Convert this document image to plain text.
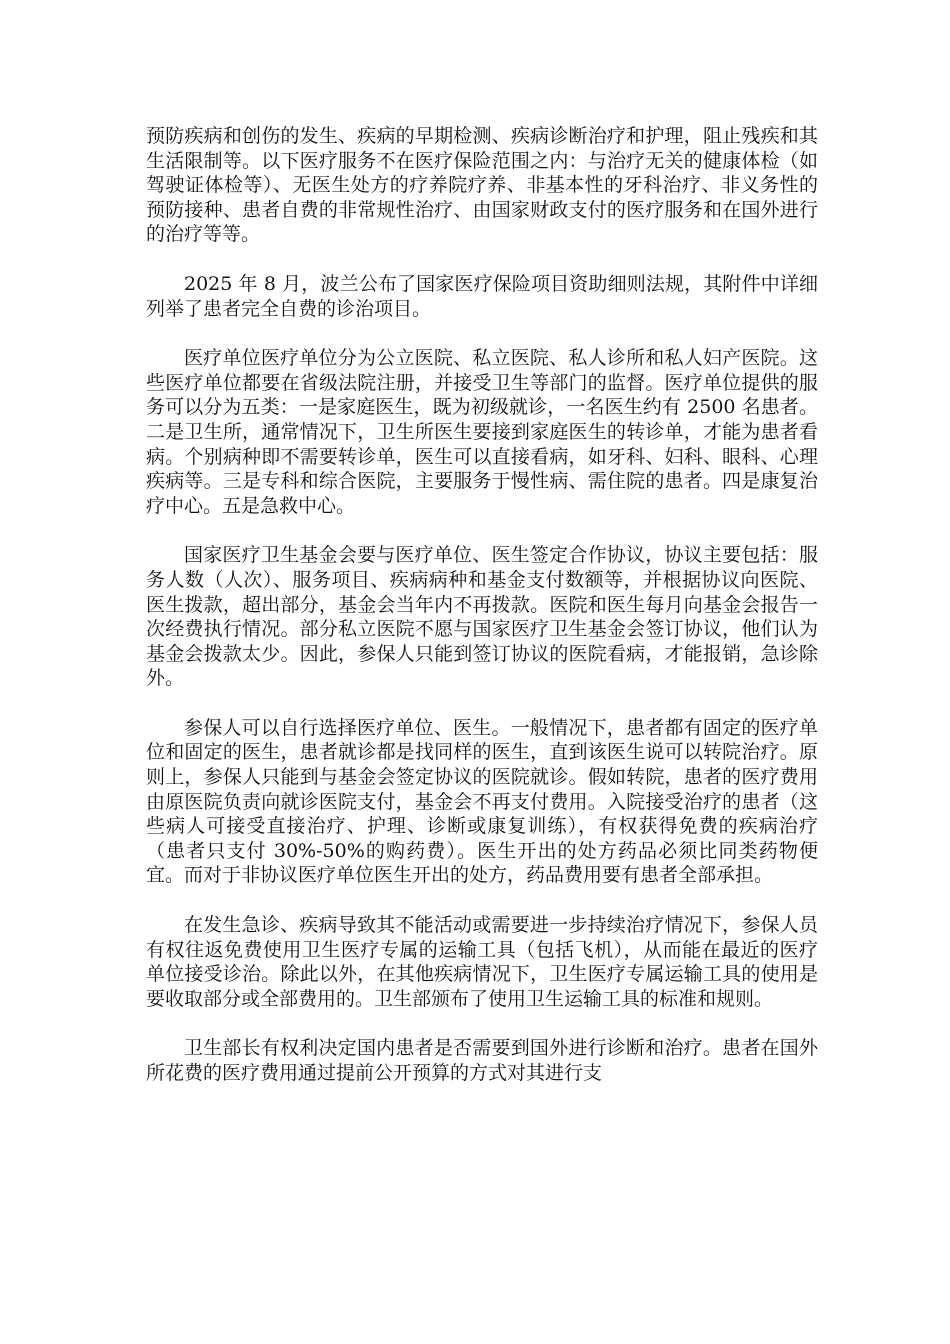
预防疾病和创伤的发生、疾病的早期检测、疾病诊断治疗和护理，阻止残疾和其生活限制等。以下医疗服务不在医疗保险范围之内：与治疗无关的健康体检（如驾驶证体检等）、无医生处方的疗养院疗养、非基本性的牙科治疗、非义务性的预防接种、患者自费的非常规性治疗、由国家财政支付的医疗服务和在国外进行的治疗等等。

2025 年 8 月，波兰公布了国家医疗保险项目资助细则法规，其附件中详细列举了患者完全自费的诊治项目。

医疗单位医疗单位分为公立医院、私立医院、私人诊所和私人妇产医院。这些医疗单位都要在省级法院注册，并接受卫生等部门的监督。医疗单位提供的服务可以分为五类：一是家庭医生，既为初级就诊，一名医生约有 2500 名患者。二是卫生所，通常情况下，卫生所医生要接到家庭医生的转诊单，才能为患者看病。个别病种即不需要转诊单，医生可以直接看病，如牙科、妇科、眼科、心理疾病等。三是专科和综合医院，主要服务于慢性病、需住院的患者。四是康复治疗中心。五是急救中心。

国家医疗卫生基金会要与医疗单位、医生签定合作协议，协议主要包括：服务人数（人次）、服务项目、疾病病种和基金支付数额等，并根据协议向医院、医生拨款，超出部分，基金会当年内不再拨款。医院和医生每月向基金会报告一次经费执行情况。部分私立医院不愿与国家医疗卫生基金会签订协议，他们认为基金会拨款太少。因此，参保人只能到签订协议的医院看病，才能报销，急诊除外。

参保人可以自行选择医疗单位、医生。一般情况下，患者都有固定的医疗单位和固定的医生，患者就诊都是找同样的医生，直到该医生说可以转院治疗。原则上，参保人只能到与基金会签定协议的医院就诊。假如转院，患者的医疗费用由原医院负责向就诊医院支付，基金会不再支付费用。入院接受治疗的患者（这些病人可接受直接治疗、护理、诊断或康复训练），有权获得免费的疾病治疗（患者只支付 30%-50%的购药费）。医生开出的处方药品必须比同类药物便宜。而对于非协议医疗单位医生开出的处方，药品费用要有患者全部承担。

在发生急诊、疾病导致其不能活动或需要进一步持续治疗情况下，参保人员有权往返免费使用卫生医疗专属的运输工具（包括飞机），从而能在最近的医疗单位接受诊治。除此以外，在其他疾病情况下，卫生医疗专属运输工具的使用是要收取部分或全部费用的。卫生部颁布了使用卫生运输工具的标准和规则。

卫生部长有权利决定国内患者是否需要到国外进行诊断和治疗。患者在国外所花费的医疗费用通过提前公开预算的方式对其进行支
